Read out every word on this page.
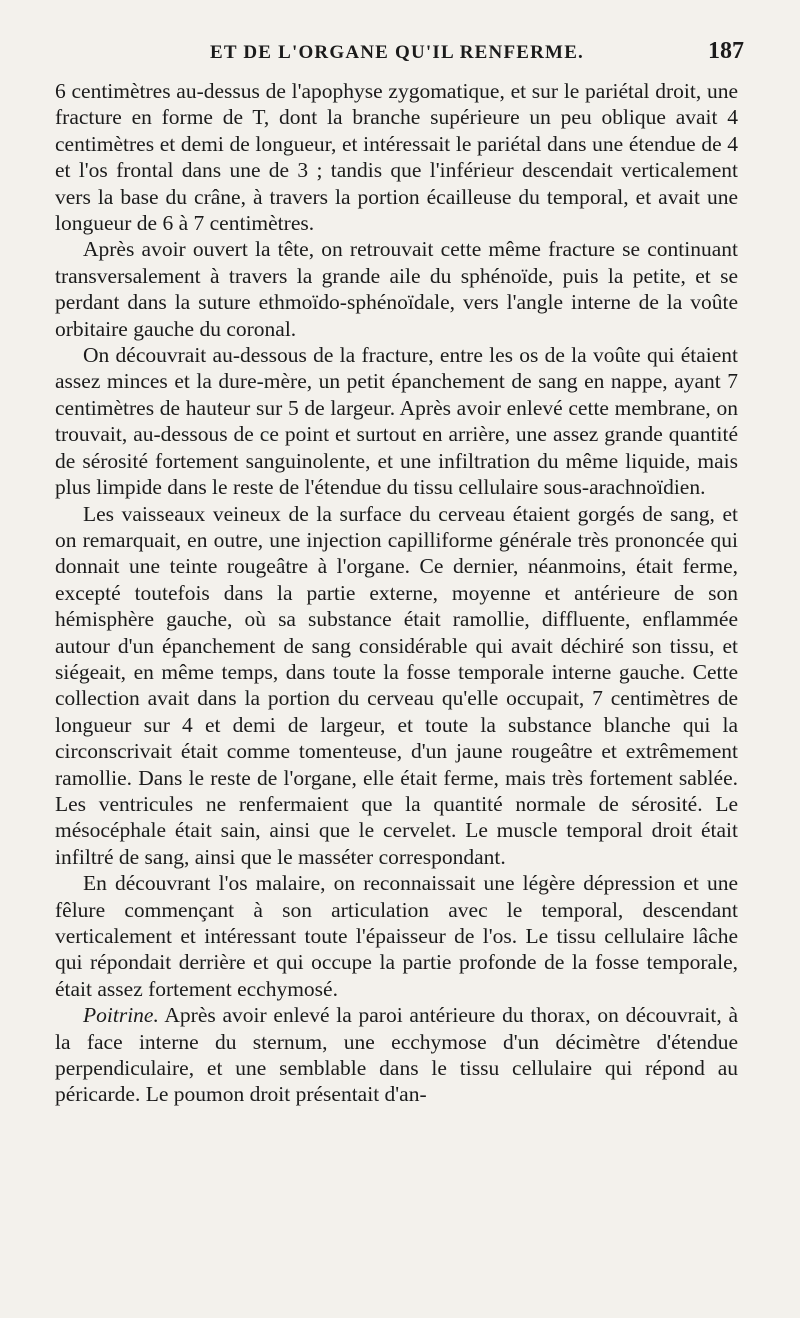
ET DE L'ORGANE QU'IL RENFERME.	187

6 centimètres au-dessus de l'apophyse zygomatique, et sur le pariétal droit, une fracture en forme de T, dont la branche supérieure un peu oblique avait 4 centimètres et demi de longueur, et intéressait le pariétal dans une étendue de 4 et l'os frontal dans une de 3 ; tandis que l'inférieur descendait verticalement vers la base du crâne, à travers la portion écailleuse du temporal, et avait une longueur de 6 à 7 centimètres.

Après avoir ouvert la tête, on retrouvait cette même fracture se continuant transversalement à travers la grande aile du sphénoïde, puis la petite, et se perdant dans la suture ethmoïdo-sphénoïdale, vers l'angle interne de la voûte orbitaire gauche du coronal.

On découvrait au-dessous de la fracture, entre les os de la voûte qui étaient assez minces et la dure-mère, un petit épanchement de sang en nappe, ayant 7 centimètres de hauteur sur 5 de largeur. Après avoir enlevé cette membrane, on trouvait, au-dessous de ce point et surtout en arrière, une assez grande quantité de sérosité fortement sanguinolente, et une infiltration du même liquide, mais plus limpide dans le reste de l'étendue du tissu cellulaire sous-arachnoïdien.

Les vaisseaux veineux de la surface du cerveau étaient gorgés de sang, et on remarquait, en outre, une injection capilliforme générale très prononcée qui donnait une teinte rougeâtre à l'organe. Ce dernier, néanmoins, était ferme, excepté toutefois dans la partie externe, moyenne et antérieure de son hémisphère gauche, où sa substance était ramollie, diffluente, enflammée autour d'un épanchement de sang considérable qui avait déchiré son tissu, et siégeait, en même temps, dans toute la fosse temporale interne gauche. Cette collection avait dans la portion du cerveau qu'elle occupait, 7 centimètres de longueur sur 4 et demi de largeur, et toute la substance blanche qui la circonscrivait était comme tomenteuse, d'un jaune rougeâtre et extrêmement ramollie. Dans le reste de l'organe, elle était ferme, mais très fortement sablée. Les ventricules ne renfermaient que la quantité normale de sérosité. Le mésocéphale était sain, ainsi que le cervelet. Le muscle temporal droit était infiltré de sang, ainsi que le masséter correspondant.

En découvrant l'os malaire, on reconnaissait une légère dépression et une fêlure commençant à son articulation avec le temporal, descendant verticalement et intéressant toute l'épaisseur de l'os. Le tissu cellulaire lâche qui répondait derrière et qui occupe la partie profonde de la fosse temporale, était assez fortement ecchymosé.

Poitrine. Après avoir enlevé la paroi antérieure du thorax, on découvrait, à la face interne du sternum, une ecchymose d'un décimètre d'étendue perpendiculaire, et une semblable dans le tissu cellulaire qui répond au péricarde. Le poumon droit présentait d'an-
